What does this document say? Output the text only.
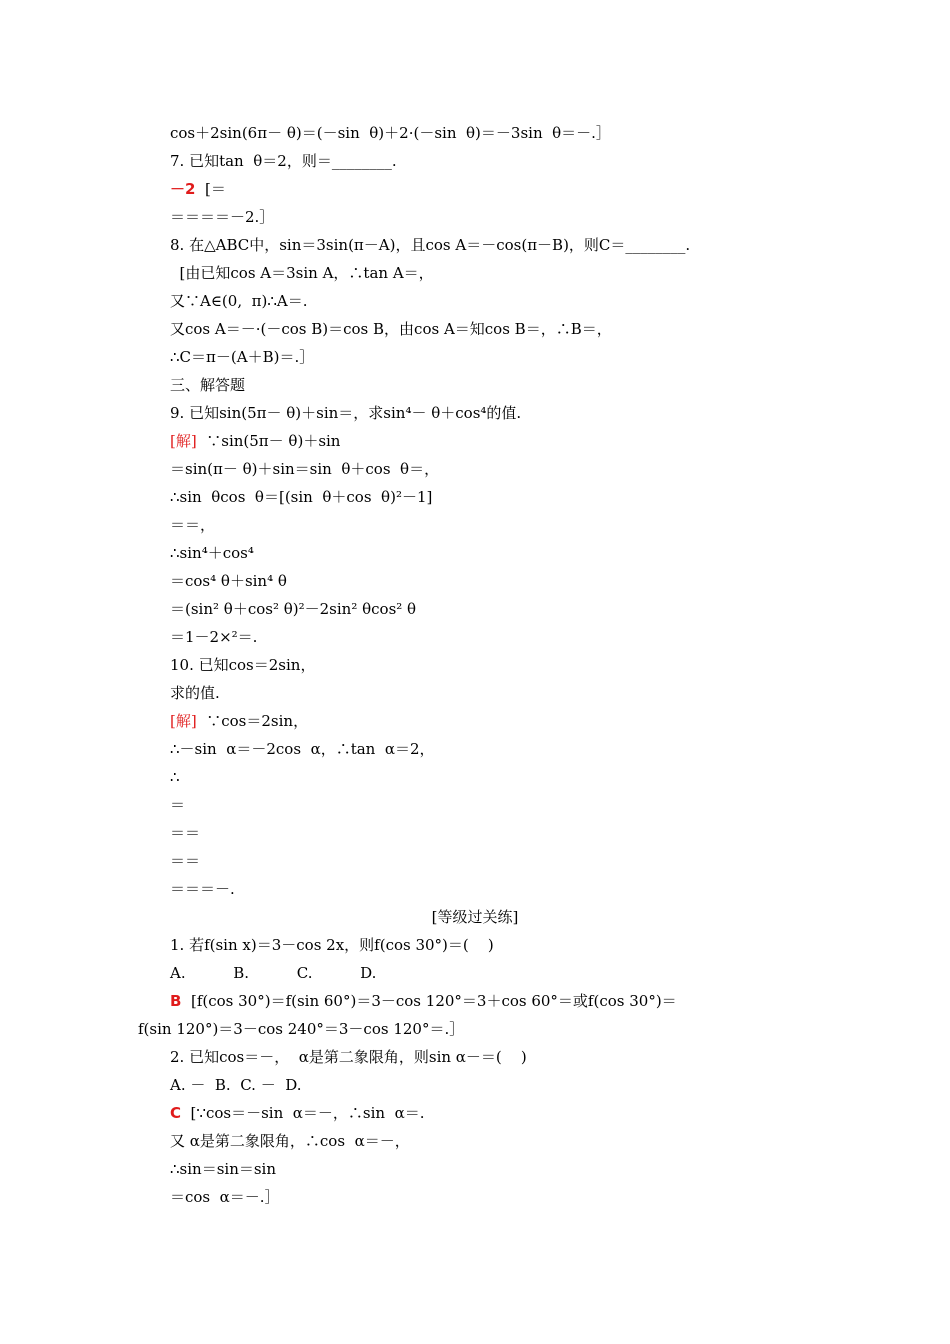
cos＋2sin(6π－ θ)＝(－sin  θ)＋2·(－sin  θ)＝－3sin  θ＝－.］
7. 已知tan  θ＝2，则＝________.
－2  [＝
＝＝＝＝－2.］
8. 在△ABC中，sin＝3sin(π－A)，且cos A＝－cos(π－B)，则C＝________.
[由已知cos A＝3sin A，∴tan A＝，
又∵A∈(0,  π)∴A＝.
又cos A＝－·(－cos B)＝cos B，由cos A＝知cos B＝，∴B＝，
∴C＝π－(A＋B)＝.］
三、解答题
9. 已知sin(5π－ θ)＋sin＝，求sin⁴－ θ＋cos⁴的值.
[解]  ∵sin(5π－ θ)＋sin
＝sin(π－ θ)＋sin＝sin  θ＋cos  θ＝，
∴sin  θcos  θ＝[(sin  θ＋cos  θ)²－1]
＝＝，
∴sin⁴＋cos⁴
＝cos⁴ θ＋sin⁴ θ
＝(sin² θ＋cos² θ)²－2sin² θcos² θ
＝1－2×²＝.
10. 已知cos＝2sin，
求的值.
[解]  ∵cos＝2sin，
∴－sin  α＝－2cos  α，∴tan  α＝2，
∴
＝
＝＝
＝＝
＝＝＝－.
[等级过关练]
1. 若f(sin x)＝3－cos 2x，则f(cos 30°)＝(    )
A.          B.          C.          D.
B  [f(cos 30°)＝f(sin 60°)＝3－cos 120°＝3＋cos 60°＝或f(cos 30°)＝
f(sin 120°)＝3－cos 240°＝3－cos 120°＝.］
2. 已知cos＝－，  α是第二象限角，则sin α－＝(    )
A. －  B.  C. －  D.
C  [∵cos＝－sin  α＝－，∴sin  α＝.
又 α是第二象限角，∴cos  α＝－，
∴sin＝sin＝sin
＝cos  α＝－.］
